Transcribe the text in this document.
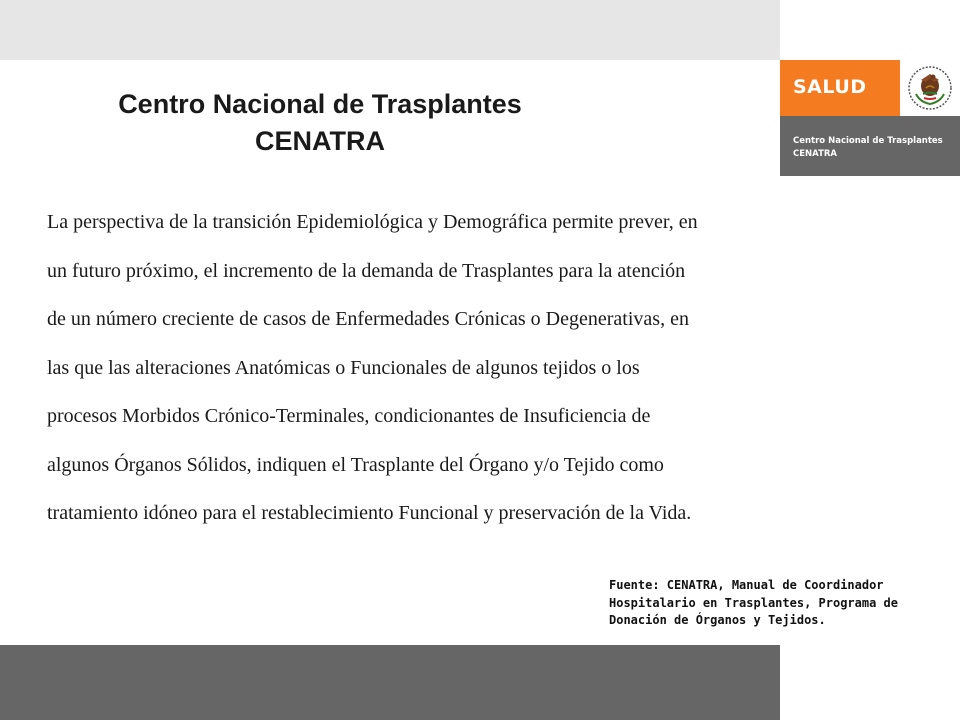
SALUD
Centro Nacional de Trasplantes
CENATRA
Centro Nacional de Trasplantes
CENATRA
La perspectiva de la transición Epidemiológica y Demográfica permite prever, en
un futuro próximo, el incremento de la demanda de Trasplantes para la atención
de un número creciente de casos de Enfermedades Crónicas o Degenerativas, en
las que las alteraciones Anatómicas o Funcionales de algunos tejidos o los
procesos Morbidos Crónico-Terminales, condicionantes de Insuficiencia de
algunos Órganos Sólidos, indiquen el Trasplante del Órgano y/o Tejido como
tratamiento idóneo para el restablecimiento Funcional y preservación de la Vida.
Fuente: CENATRA, Manual de Coordinador
Hospitalario en Trasplantes, Programa de
Donación de Órganos y Tejidos.
